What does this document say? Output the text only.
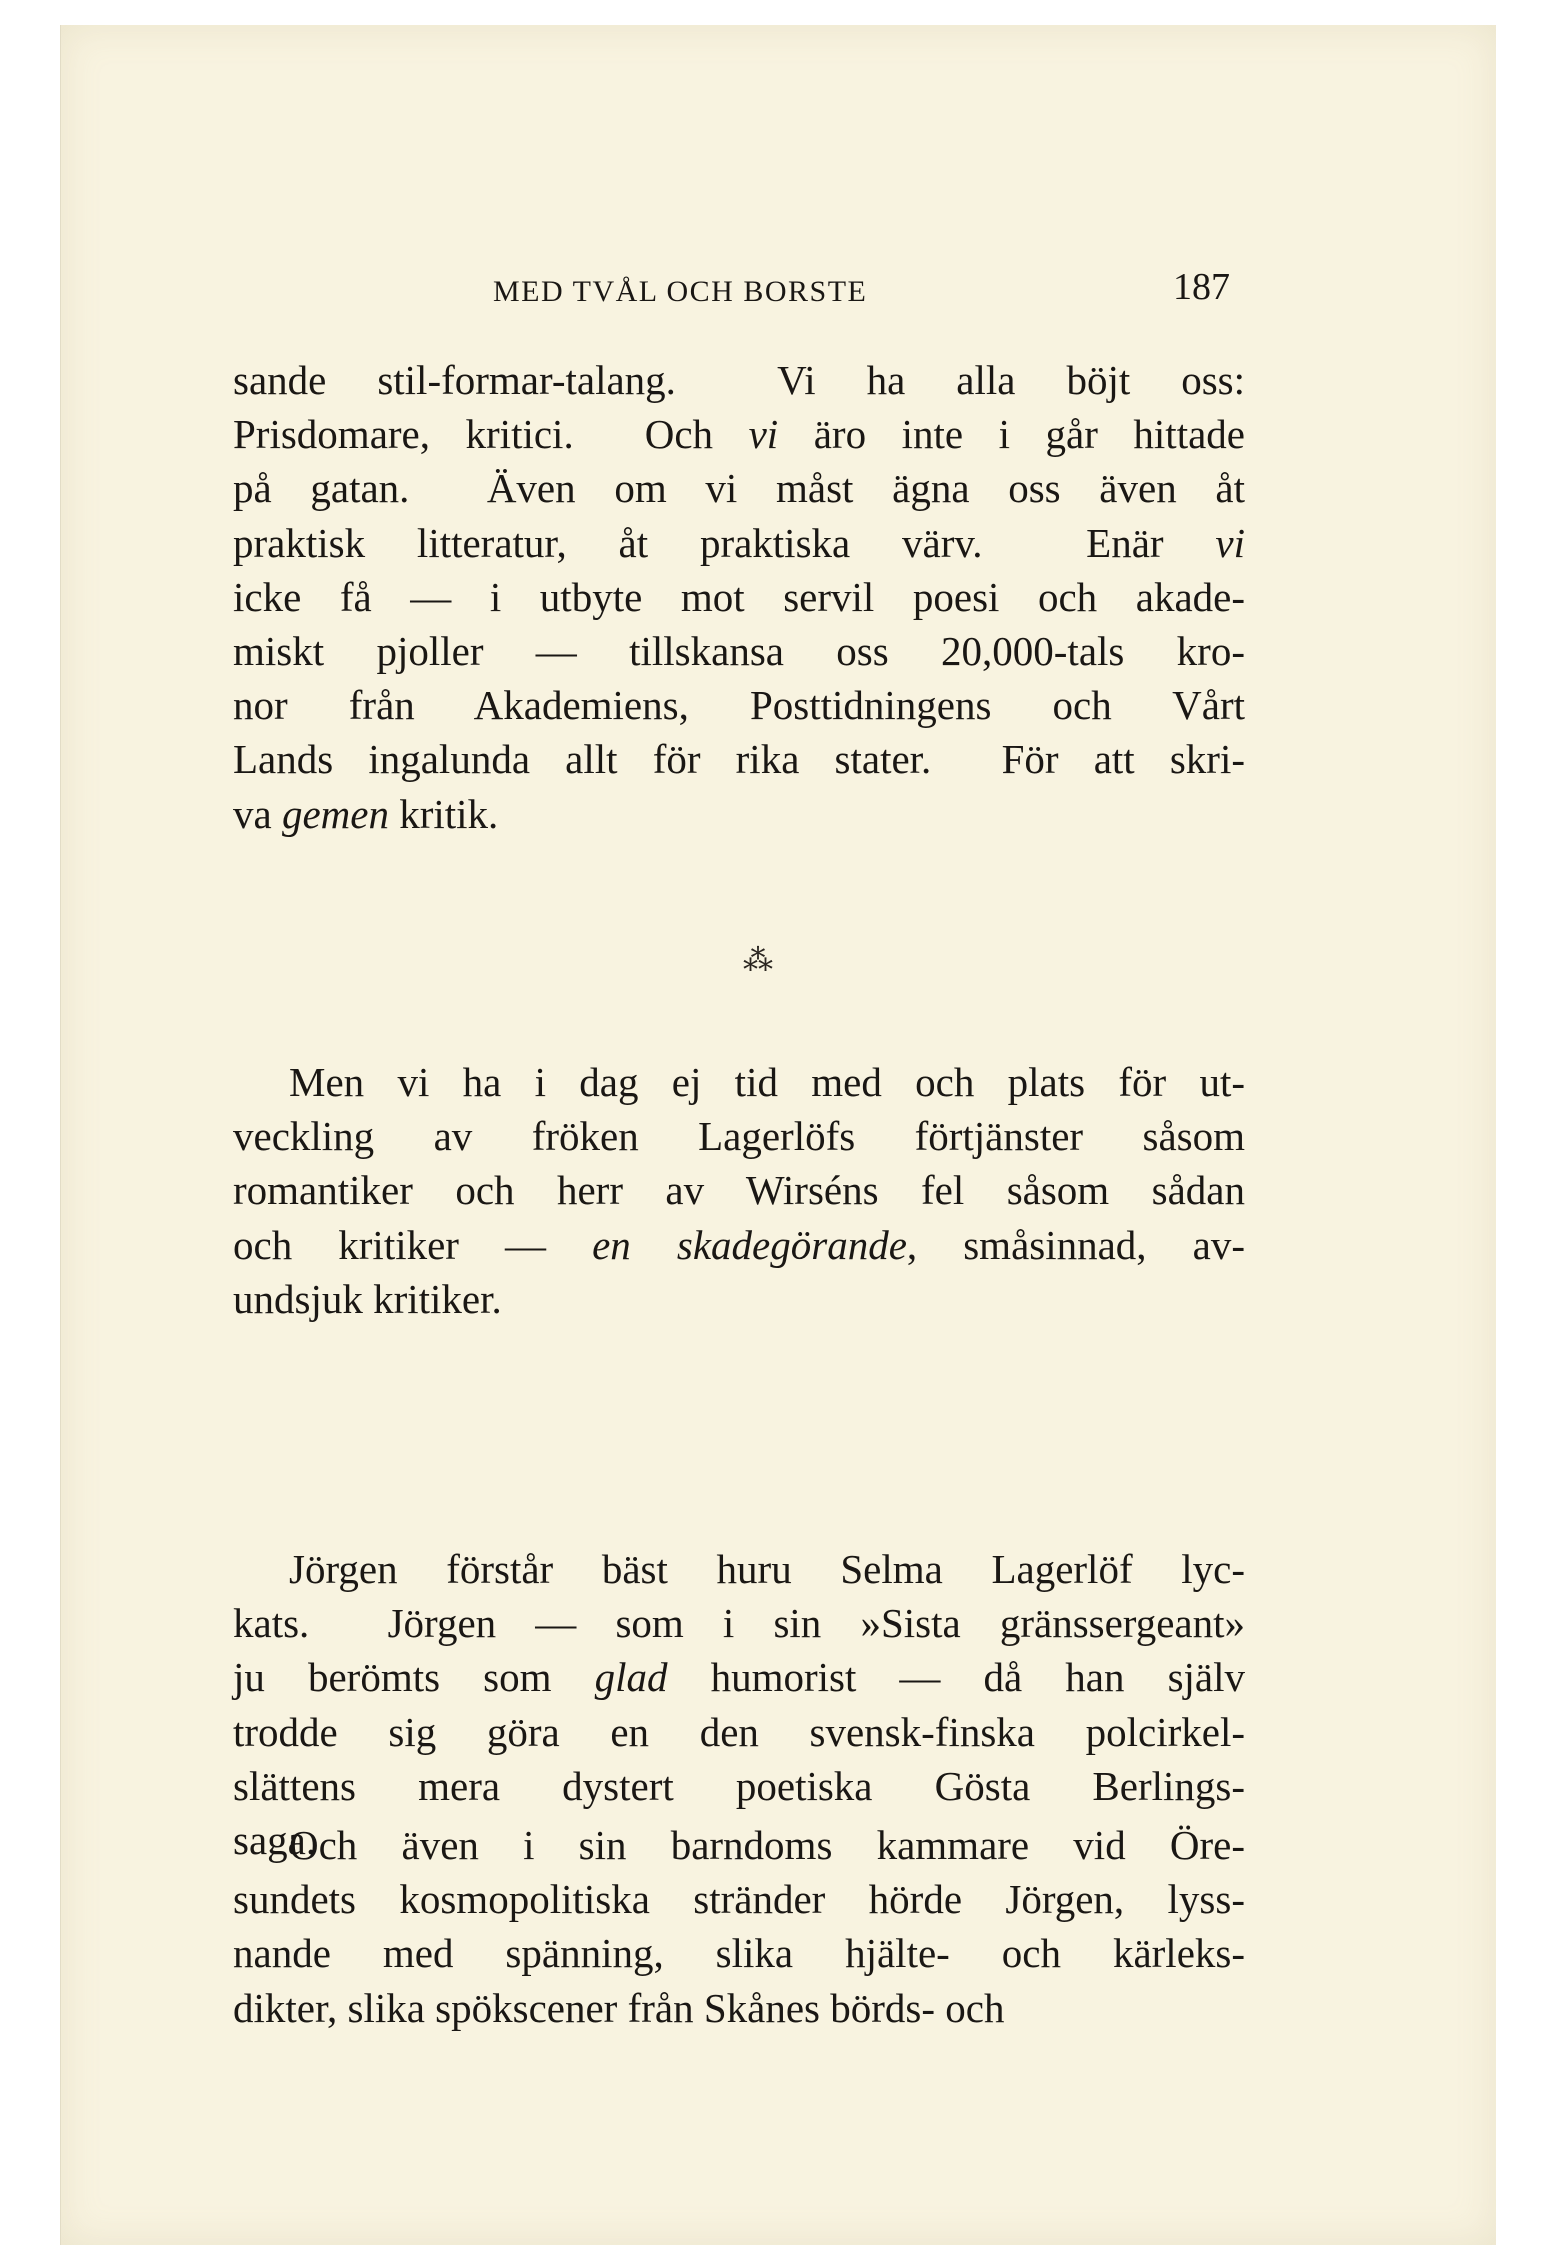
MED TVÅL OCH BORSTE	187
sande stil-formar-talang.  Vi ha alla böjt oss:
Prisdomare, kritici.  Och vi äro inte i går hittade
på gatan.  Även om vi måst ägna oss även åt
praktisk litteratur, åt praktiska värv.  Enär vi
icke få — i utbyte mot servil poesi och akade-
miskt pjoller — tillskansa oss 20,000-tals kro-
nor från Akademiens, Posttidningens och Vårt
Lands ingalunda allt för rika stater.  För att skri-
va gemen kritik.
⁂
Men vi ha i dag ej tid med och plats för ut-
veckling av fröken Lagerlöfs förtjänster såsom
romantiker och herr av Wirséns fel såsom sådan
och kritiker — en skadegörande, småsinnad, av-
undsjuk kritiker.
Jörgen förstår bäst huru Selma Lagerlöf lyc-
kats.  Jörgen — som i sin »Sista gränssergeant»
ju berömts som glad humorist — då han själv
trodde sig göra en den svensk-finska polcirkel-
slättens mera dystert poetiska Gösta Berlings-
saga.
Och även i sin barndoms kammare vid Öre-
sundets kosmopolitiska stränder hörde Jörgen, lyss-
nande med spänning, slika hjälte- och kärleks-
dikter, slika spökscener från Skånes börds- och
